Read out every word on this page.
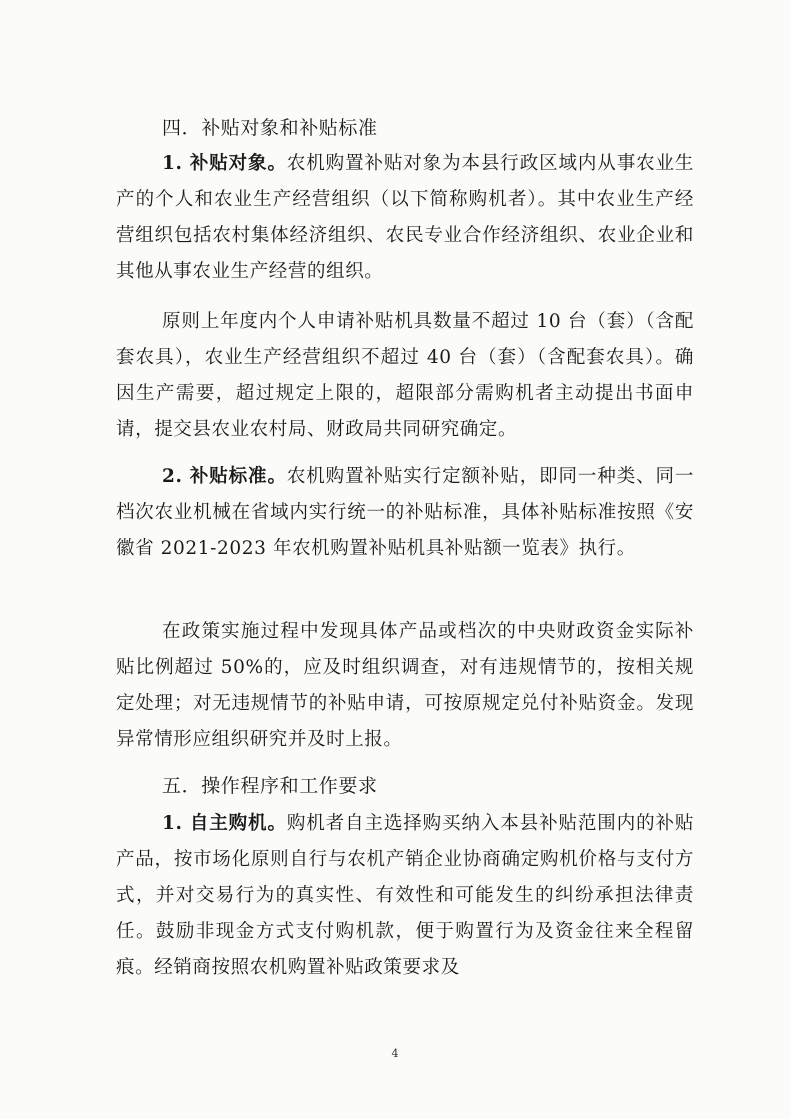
四．补贴对象和补贴标准

1. 补贴对象。农机购置补贴对象为本县行政区域内从事农业生产的个人和农业生产经营组织（以下简称购机者）。其中农业生产经营组织包括农村集体经济组织、农民专业合作经济组织、农业企业和其他从事农业生产经营的组织。

原则上年度内个人申请补贴机具数量不超过 10 台（套）（含配套农具），农业生产经营组织不超过 40 台（套）（含配套农具）。确因生产需要，超过规定上限的，超限部分需购机者主动提出书面申请，提交县农业农村局、财政局共同研究确定。

2. 补贴标准。农机购置补贴实行定额补贴，即同一种类、同一档次农业机械在省域内实行统一的补贴标准，具体补贴标准按照《安徽省 2021-2023 年农机购置补贴机具补贴额一览表》执行。

在政策实施过程中发现具体产品或档次的中央财政资金实际补贴比例超过 50%的，应及时组织调查，对有违规情节的，按相关规定处理；对无违规情节的补贴申请，可按原规定兑付补贴资金。发现异常情形应组织研究并及时上报。

五．操作程序和工作要求

1. 自主购机。购机者自主选择购买纳入本县补贴范围内的补贴产品，按市场化原则自行与农机产销企业协商确定购机价格与支付方式，并对交易行为的真实性、有效性和可能发生的纠纷承担法律责任。鼓励非现金方式支付购机款，便于购置行为及资金往来全程留痕。经销商按照农机购置补贴政策要求及

4
